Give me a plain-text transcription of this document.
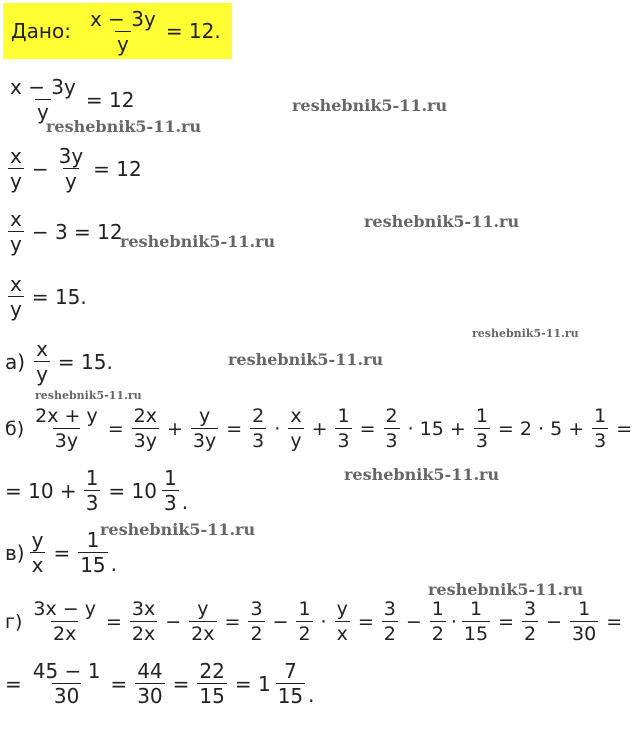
Дано: $\frac{x - 3y}{y} = 12$.
$\frac{x - 3y}{y} = 12$
$\frac{x}{y} - \frac{3y}{y} = 12$
$\frac{x}{y} - 3 = 12$
$\frac{x}{y} = 15$.
$а) \frac{x}{y} = 15$.
$б) \frac{2x + y}{3y} = \frac{2x}{3y} + \frac{y}{3y} = \frac{2}{3} \cdot \frac{x}{y} + \frac{1}{3} = \frac{2}{3} \cdot 15 + \frac{1}{3} = 2 \cdot 5 + \frac{1}{3}$ =
= $10 + \frac{1}{3} = 10 \frac{1}{3}$ .
$в) \frac{y}{x} = \frac{1}{15}$ .
$г) \frac{3x - y}{2x} = \frac{3x}{2x} - \frac{y}{2x} = \frac{3}{2} - \frac{1}{2} \cdot \frac{y}{x} = \frac{3}{2} - \frac{1}{2} \cdot \frac{1}{15} = \frac{3}{2} - \frac{1}{30}$ =
= $\frac{45 - 1}{30} = \frac{44}{30} = \frac{22}{15} = 1 \frac{7}{15}$ .
reshebnik5-11.ru
reshebnik5-11.ru
reshebnik5-11.ru
reshebnik5-11.ru
reshebnik5-11.ru
reshebnik5-11.ru
reshebnik5-11.ru
reshebnik5-11.ru
reshebnik5-11.ru
reshebnik5-11.ru
